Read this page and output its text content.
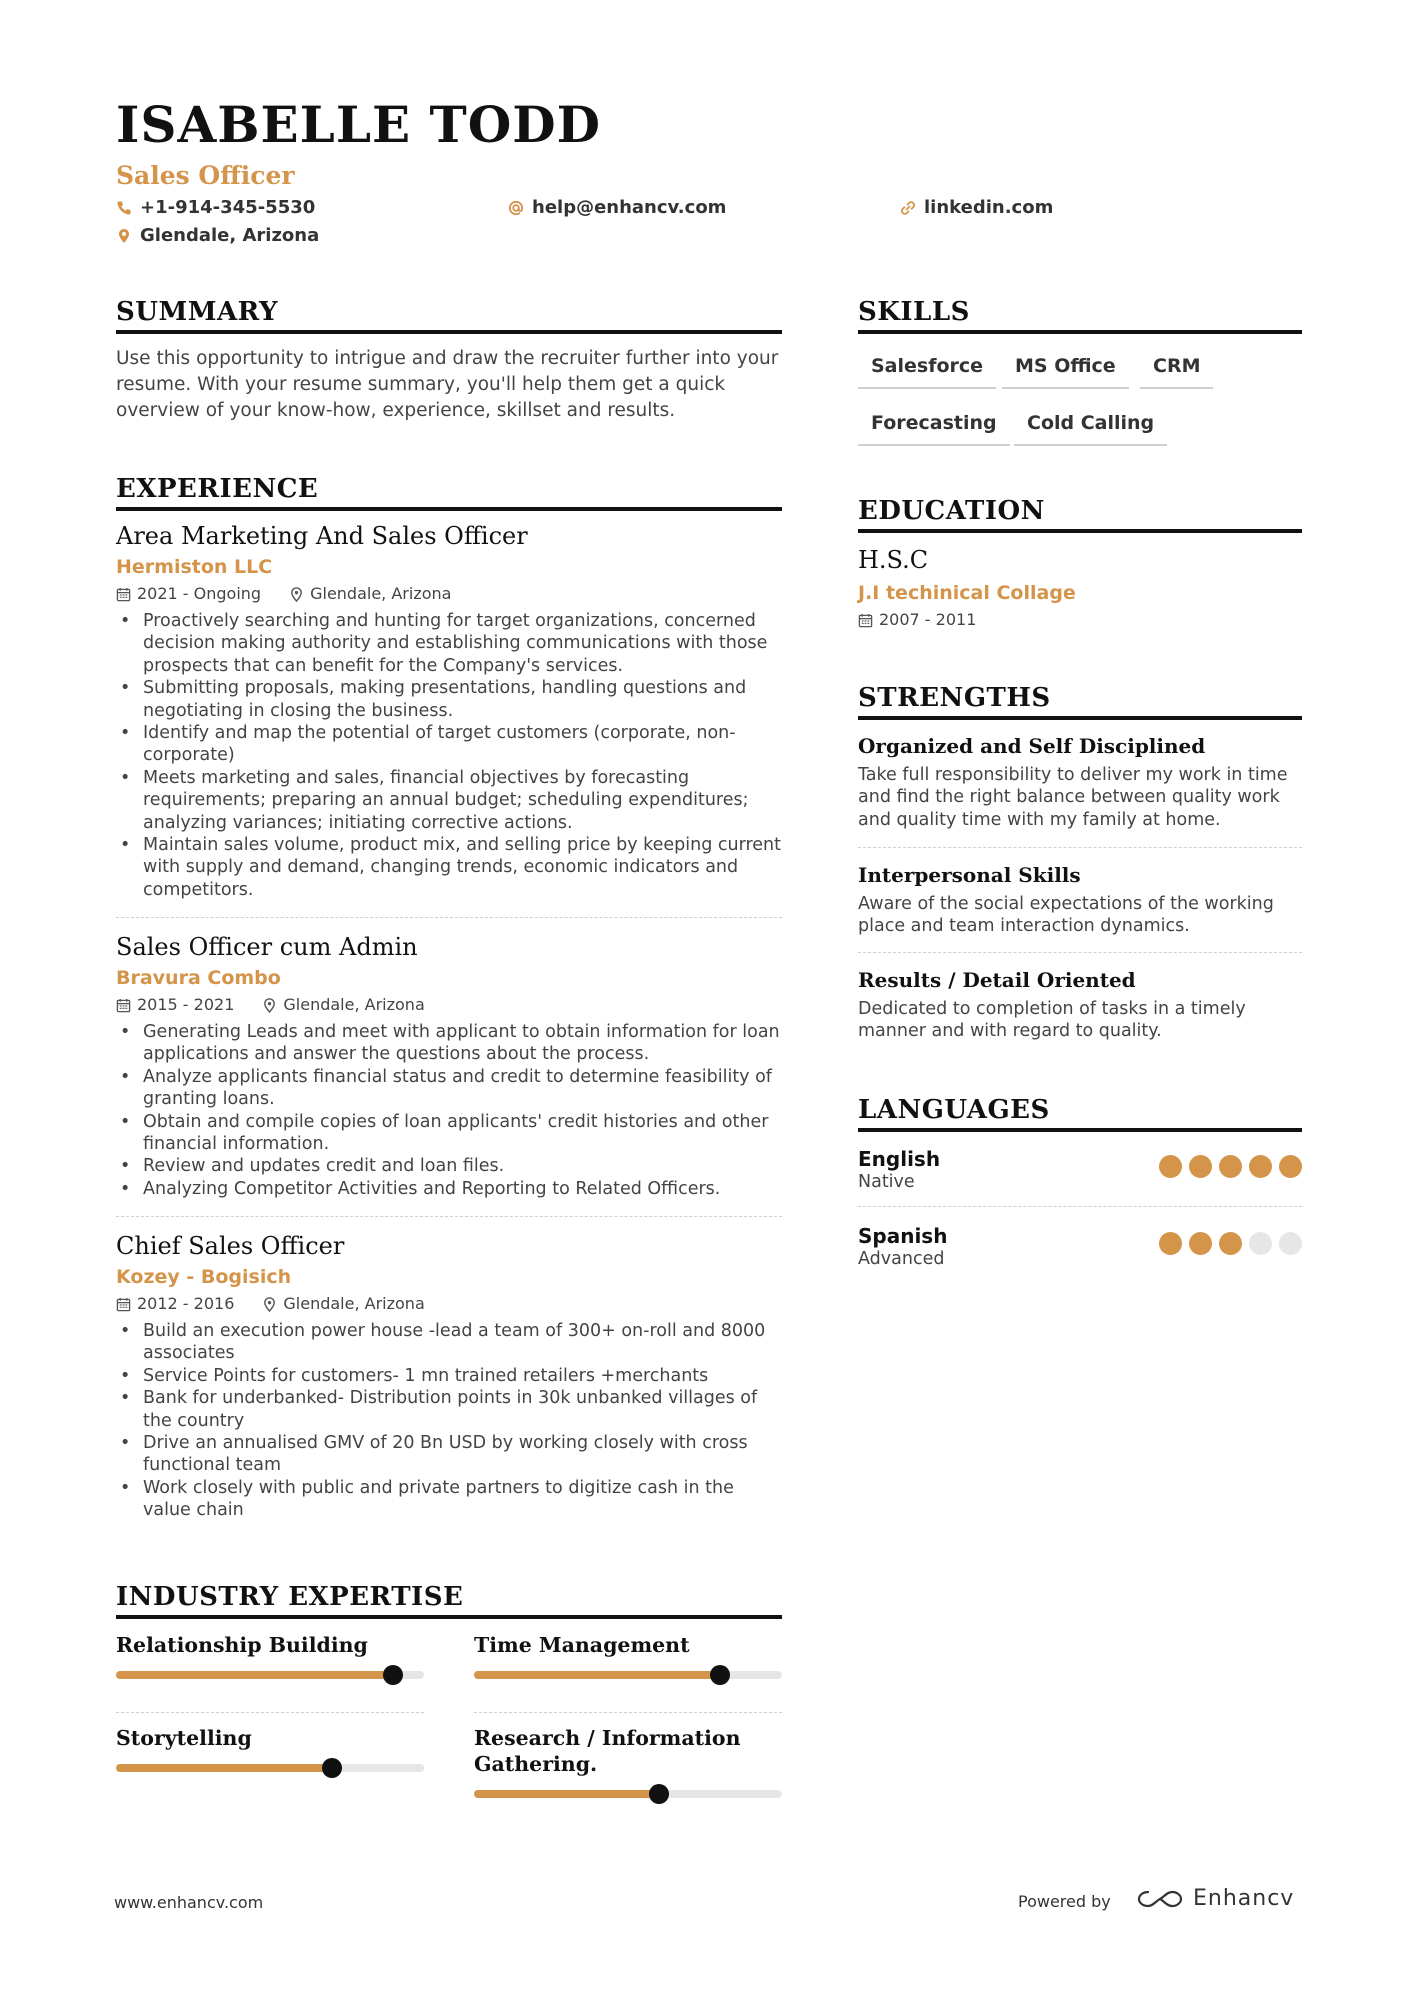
ISABELLE TODD
Sales Officer
+1-914-345-5530	help@enhancv.com	linkedin.com
Glendale, Arizona
SUMMARY

Use this opportunity to intrigue and draw the recruiter further into your resume. With your resume summary, you'll help them get a quick overview of your know-how, experience, skillset and results.

EXPERIENCE
Area Marketing And Sales Officer
Hermiston LLC
2021 - Ongoing	Glendale, Arizona
• Proactively searching and hunting for target organizations, concerned decision making authority and establishing communications with those prospects that can benefit for the Company's services.
• Submitting proposals, making presentations, handling questions and negotiating in closing the business.
• Identify and map the potential of target customers (corporate, non-corporate)
• Meets marketing and sales, financial objectives by forecasting requirements; preparing an annual budget; scheduling expenditures; analyzing variances; initiating corrective actions.
• Maintain sales volume, product mix, and selling price by keeping current with supply and demand, changing trends, economic indicators and competitors.
Sales Officer cum Admin
Bravura Combo
2015 - 2021	Glendale, Arizona
• Generating Leads and meet with applicant to obtain information for loan applications and answer the questions about the process.
• Analyze applicants financial status and credit to determine feasibility of granting loans.
• Obtain and compile copies of loan applicants' credit histories and other financial information.
• Review and updates credit and loan files.
• Analyzing Competitor Activities and Reporting to Related Officers.
Chief Sales Officer
Kozey - Bogisich
2012 - 2016	Glendale, Arizona
• Build an execution power house -lead a team of 300+ on-roll and 8000 associates
• Service Points for customers- 1 mn trained retailers +merchants
• Bank for underbanked- Distribution points in 30k unbanked villages of the country
• Drive an annualised GMV of 20 Bn USD by working closely with cross functional team
• Work closely with public and private partners to digitize cash in the value chain
INDUSTRY EXPERTISE
Relationship Building	Time Management
Storytelling	Research / Information Gathering.
SKILLS
Salesforce	MS Office	CRM
Forecasting	Cold Calling
EDUCATION
H.S.C
J.I techinical Collage
2007 - 2011
STRENGTHS
Organized and Self Disciplined
Take full responsibility to deliver my work in time and find the right balance between quality work and quality time with my family at home.
Interpersonal Skills
Aware of the social expectations of the working place and team interaction dynamics.
Results / Detail Oriented
Dedicated to completion of tasks in a timely manner and with regard to quality.
LANGUAGES
English
Native
Spanish
Advanced
www.enhancv.com	Powered by	Enhancv
